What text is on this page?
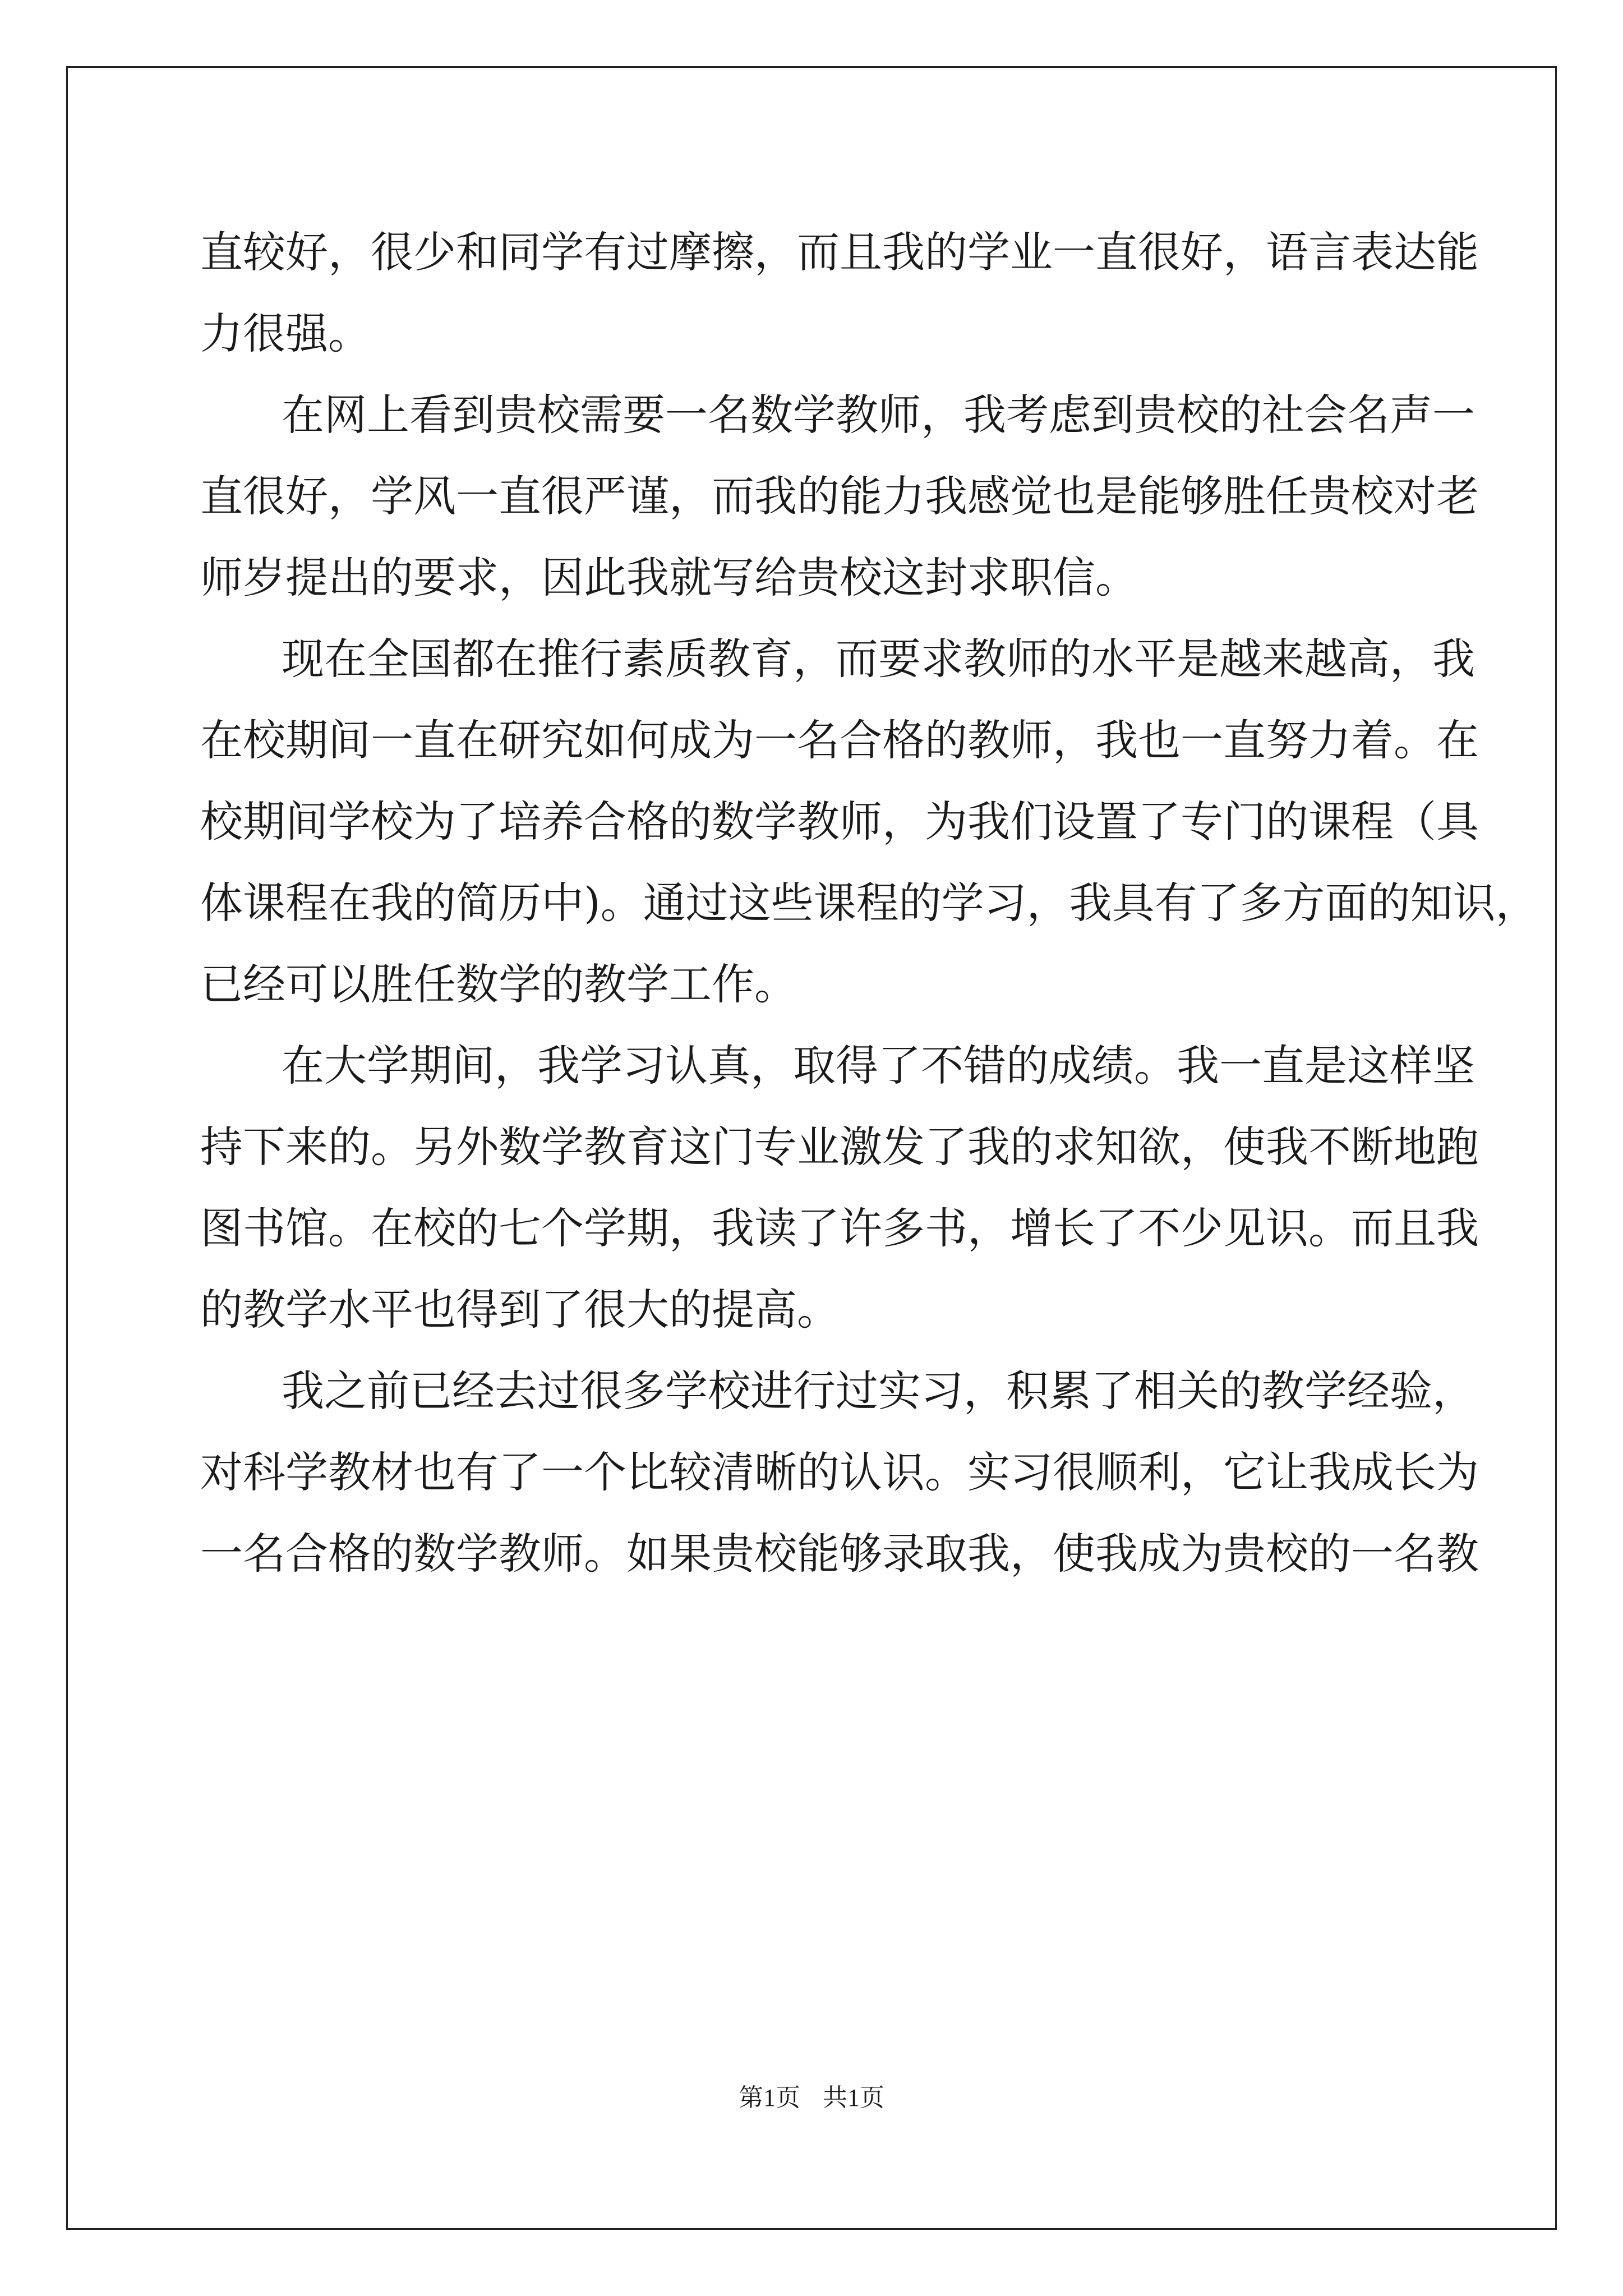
直较好，很少和同学有过摩擦，而且我的学业一直很好，语言表达能
力很强。
在网上看到贵校需要一名数学教师，我考虑到贵校的社会名声一
直很好，学风一直很严谨，而我的能力我感觉也是能够胜任贵校对老
师岁提出的要求，因此我就写给贵校这封求职信。
现在全国都在推行素质教育，而要求教师的水平是越来越高，我
在校期间一直在研究如何成为一名合格的教师，我也一直努力着。在
校期间学校为了培养合格的数学教师，为我们设置了专门的课程（具
体课程在我的简历中)。通过这些课程的学习，我具有了多方面的知识，
已经可以胜任数学的教学工作。
在大学期间，我学习认真，取得了不错的成绩。我一直是这样坚
持下来的。另外数学教育这门专业激发了我的求知欲，使我不断地跑
图书馆。在校的七个学期，我读了许多书，增长了不少见识。而且我
的教学水平也得到了很大的提高。
我之前已经去过很多学校进行过实习，积累了相关的教学经验，
对科学教材也有了一个比较清晰的认识。实习很顺利，它让我成长为
一名合格的数学教师。如果贵校能够录取我，使我成为贵校的一名教
第1页 共1页
